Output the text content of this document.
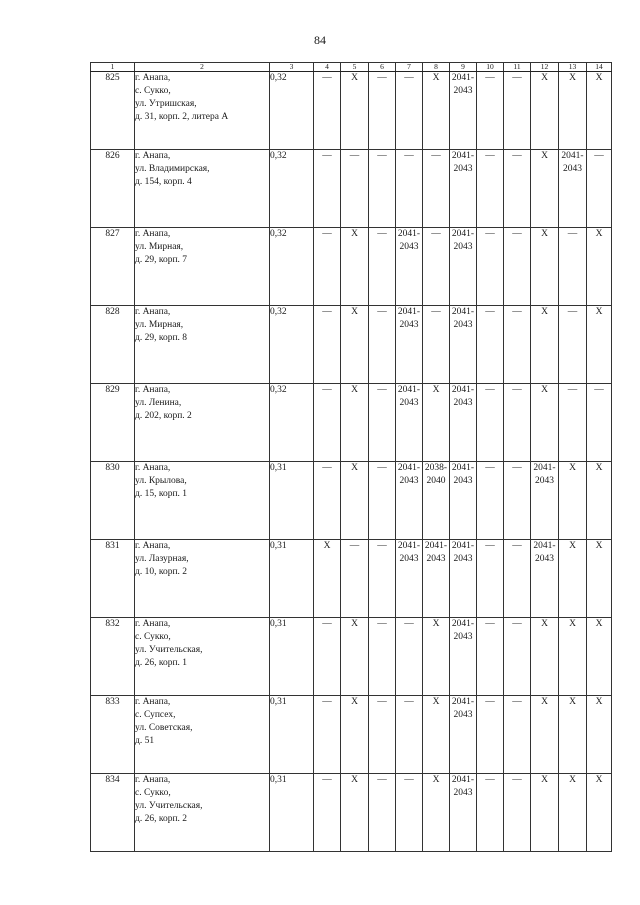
84
1	2	3	4	5	6	7	8	9	10	11	12	13	14
825	г. Анапа,
с. Сукко,
ул. Утришская,
д. 31, корп. 2, литера А	0,32	—	Х	—	—	Х	2041-
2043	—	—	Х	Х	Х
826	г. Анапа,
ул. Владимирская,
д. 154, корп. 4	0,32	—	—	—	—	—	2041-
2043	—	—	Х	2041-
2043	—
827	г. Анапа,
ул. Мирная,
д. 29, корп. 7	0,32	—	Х	—	2041-
2043	—	2041-
2043	—	—	Х	—	Х
828	г. Анапа,
ул. Мирная,
д. 29, корп. 8	0,32	—	Х	—	2041-
2043	—	2041-
2043	—	—	Х	—	Х
829	г. Анапа,
ул. Ленина,
д. 202, корп. 2	0,32	—	Х	—	2041-
2043	Х	2041-
2043	—	—	Х	—	—
830	г. Анапа,
ул. Крылова,
д. 15, корп. 1	0,31	—	Х	—	2041-
2043	2038-
2040	2041-
2043	—	—	2041-
2043	Х	Х
831	г. Анапа,
ул. Лазурная,
д. 10, корп. 2	0,31	Х	—	—	2041-
2043	2041-
2043	2041-
2043	—	—	2041-
2043	Х	Х
832	г. Анапа,
с. Сукко,
ул. Учительская,
д. 26, корп. 1	0,31	—	Х	—	—	Х	2041-
2043	—	—	Х	Х	Х
833	г. Анапа,
с. Супсех,
ул. Советская,
д. 51	0,31	—	Х	—	—	Х	2041-
2043	—	—	Х	Х	Х
834	г. Анапа,
с. Сукко,
ул. Учительская,
д. 26, корп. 2	0,31	—	Х	—	—	Х	2041-
2043	—	—	Х	Х	Х
